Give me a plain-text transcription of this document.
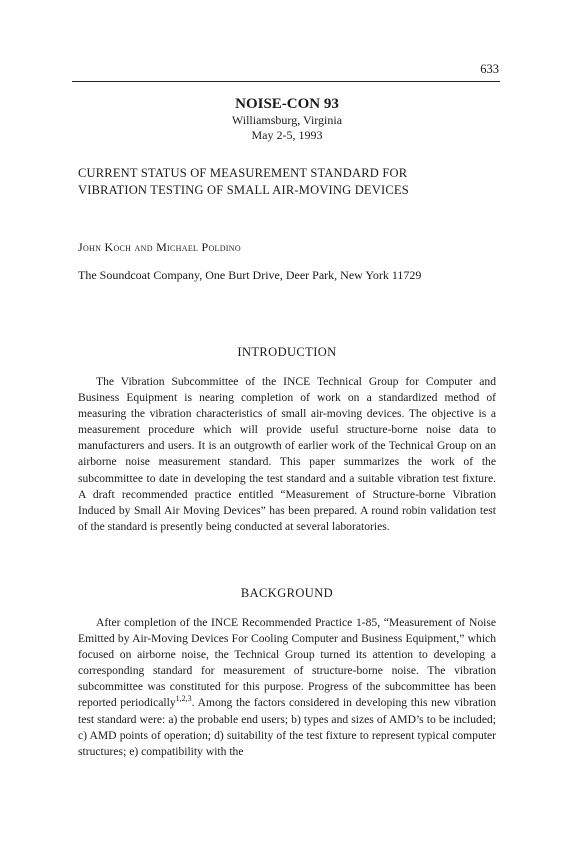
633
NOISE-CON 93
Williamsburg, Virginia
May 2-5, 1993
CURRENT STATUS OF MEASUREMENT STANDARD FOR
VIBRATION TESTING OF SMALL AIR-MOVING DEVICES
John Koch and Michael Poldino
The Soundcoat Company, One Burt Drive, Deer Park, New York 11729
INTRODUCTION
The Vibration Subcommittee of the INCE Technical Group for Computer and Business Equipment is nearing completion of work on a standardized method of measuring the vibration characteristics of small air-moving devices. The objective is a measurement procedure which will provide useful structure-borne noise data to manufacturers and users. It is an outgrowth of earlier work of the Technical Group on an airborne noise measurement standard. This paper summarizes the work of the subcommittee to date in developing the test standard and a suitable vibration test fixture. A draft recommended practice entitled “Measurement of Structure-borne Vibration Induced by Small Air Moving Devices” has been prepared. A round robin validation test of the standard is presently being conducted at several laboratories.
BACKGROUND
After completion of the INCE Recommended Practice 1-85, “Measurement of Noise Emitted by Air-Moving Devices For Cooling Computer and Business Equipment,” which focused on airborne noise, the Technical Group turned its attention to developing a corresponding standard for measurement of structure-borne noise. The vibration subcommittee was constituted for this purpose. Progress of the subcommittee has been reported periodically$^{1,2,3}$. Among the factors considered in developing this new vibration test standard were: a) the probable end users; b) types and sizes of AMD’s to be included; c) AMD points of operation; d) suitability of the test fixture to represent typical computer structures; e) compatibility with the
